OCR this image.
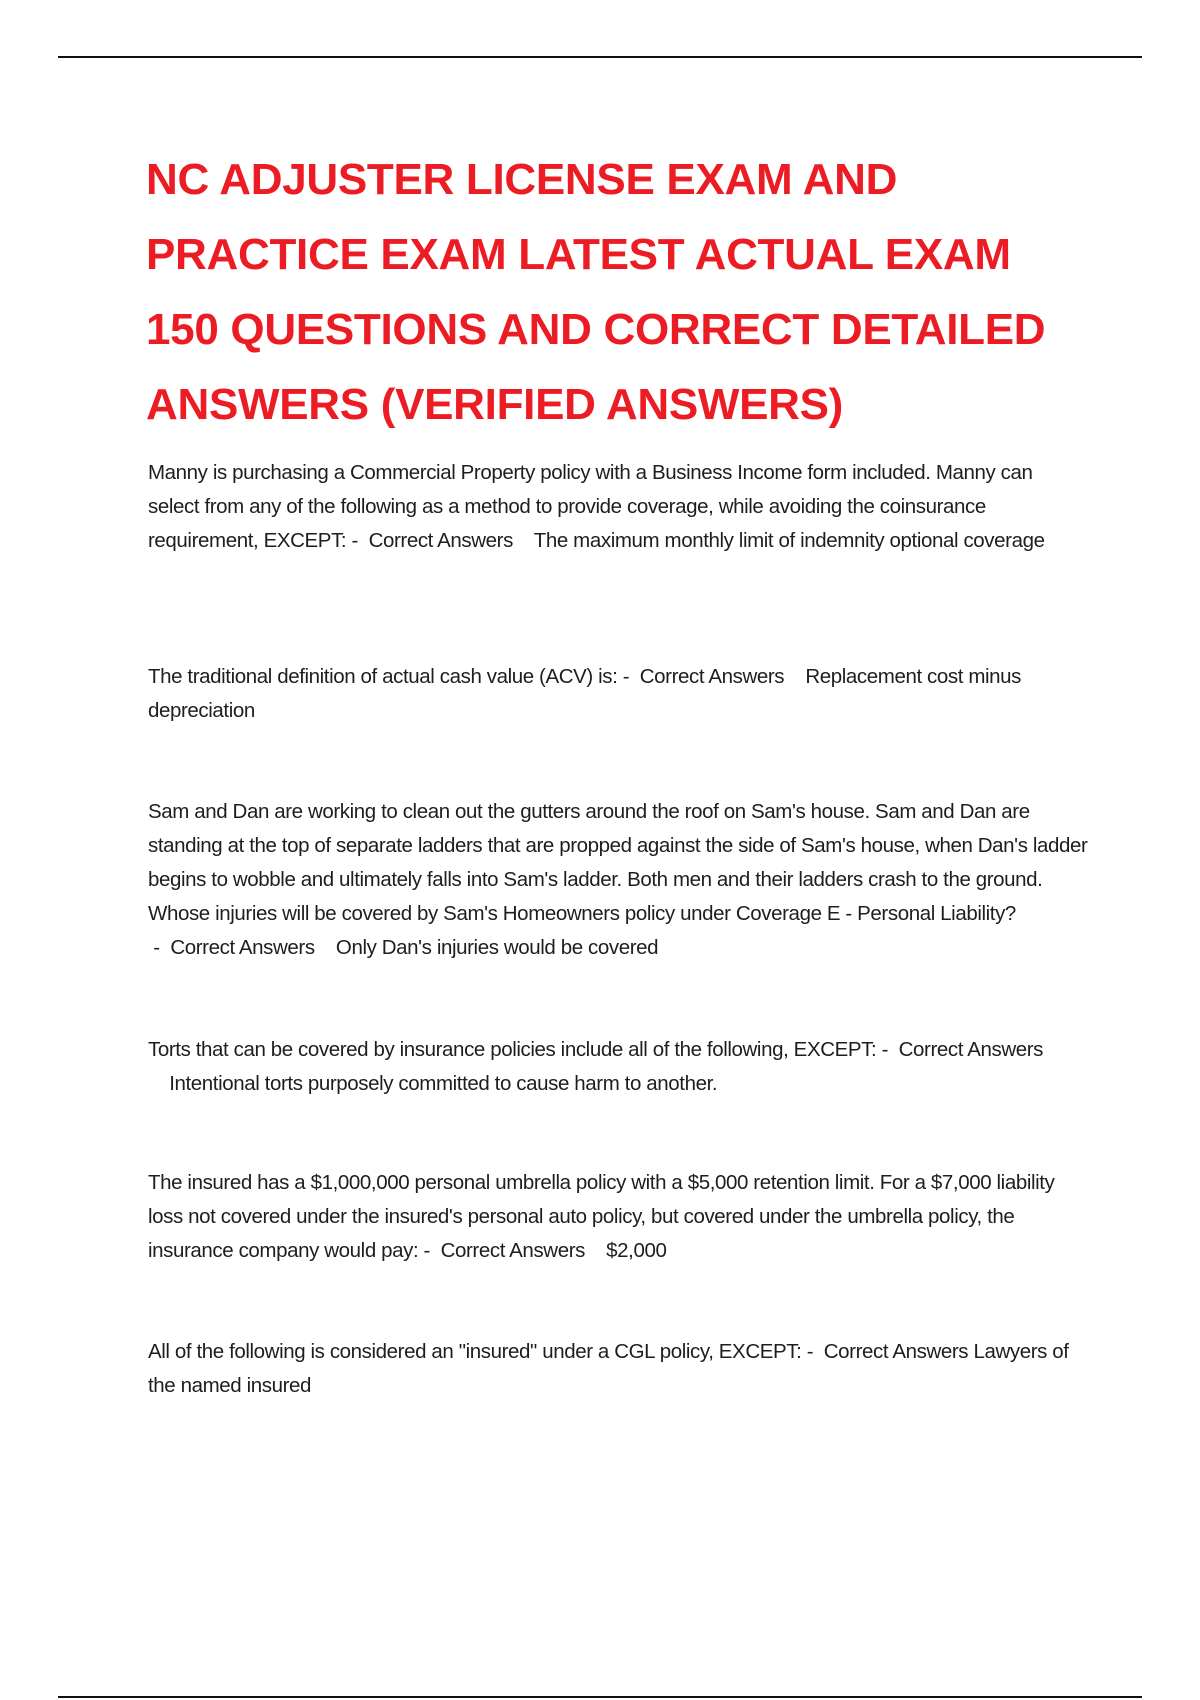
NC ADJUSTER LICENSE EXAM AND PRACTICE EXAM LATEST ACTUAL EXAM 150 QUESTIONS AND CORRECT DETAILED ANSWERS (VERIFIED ANSWERS)

Manny is purchasing a Commercial Property policy with a Business Income form included. Manny can select from any of the following as a method to provide coverage, while avoiding the coinsurance requirement, EXCEPT: -  Correct Answers The maximum monthly limit of indemnity optional coverage

The traditional definition of actual cash value (ACV) is: -  Correct Answers Replacement cost minus depreciation

Sam and Dan are working to clean out the gutters around the roof on Sam's house. Sam and Dan are standing at the top of separate ladders that are propped against the side of Sam's house, when Dan's ladder begins to wobble and ultimately falls into Sam's ladder. Both men and their ladders crash to the ground. Whose injuries will be covered by Sam's Homeowners policy under Coverage E - Personal Liability? -  Correct Answers Only Dan's injuries would be covered

Torts that can be covered by insurance policies include all of the following, EXCEPT: -  Correct Answers    Intentional torts purposely committed to cause harm to another.

The insured has a $1,000,000 personal umbrella policy with a $5,000 retention limit. For a $7,000 liability loss not covered under the insured's personal auto policy, but covered under the umbrella policy, the insurance company would pay: -  Correct Answers $2,000

All of the following is considered an "insured" under a CGL policy, EXCEPT: -  Correct Answers Lawyers of the named insured
